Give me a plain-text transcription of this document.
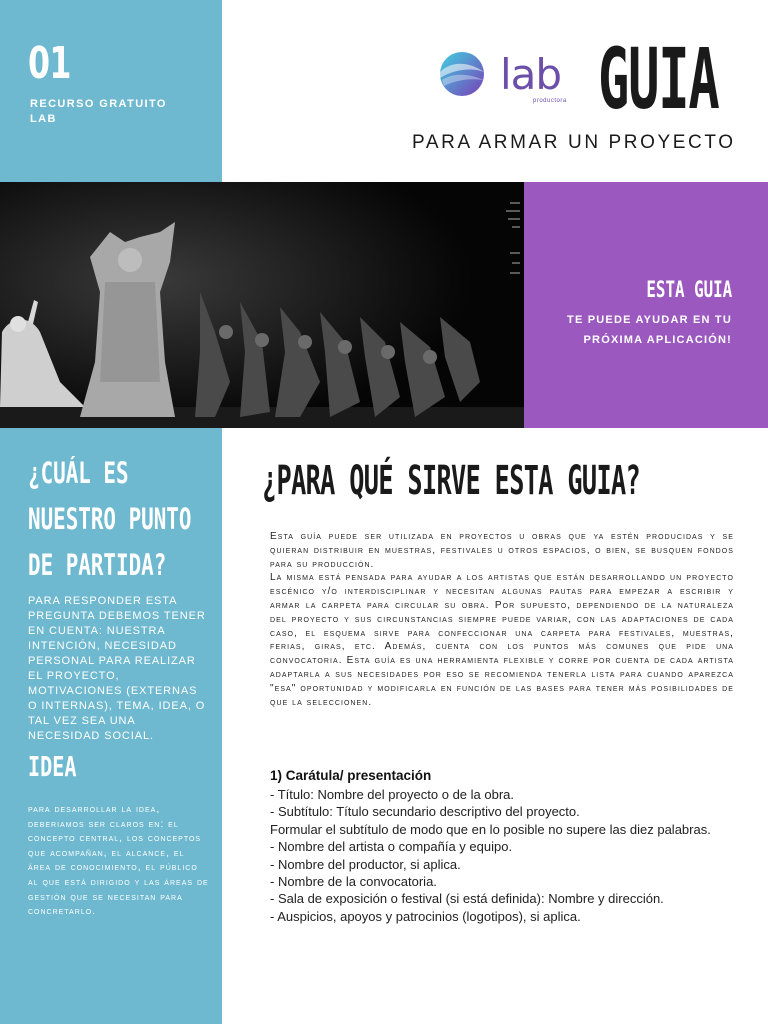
01
RECURSO GRATUITO
LAB
lab
productora GUIA
PARA ARMAR UN PROYECTO
ESTA GUIA
TE PUEDE AYUDAR EN TU PRÓXIMA APLICACIÓN!
¿CUÁL ES NUESTRO PUNTO DE PARTIDA?
PARA RESPONDER ESTA PREGUNTA DEBEMOS TENER EN CUENTA: NUESTRA INTENCIÓN, NECESIDAD PERSONAL PARA REALIZAR EL PROYECTO, MOTIVACIONES (EXTERNAS O INTERNAS), TEMA, IDEA, O TAL VEZ SEA UNA NECESIDAD SOCIAL.
IDEA
para desarrollar la idea, deberiamos ser claros en: el concepto central, los conceptos que acompañan, el alcance, el área de conocimiento, el público al que está dirigido y las áreas de gestión que se necesitan para concretarlo.
¿PARA QUÉ SIRVE ESTA GUIA?

Esta guía puede ser utilizada en proyectos u obras que ya estén producidas y se quieran distribuir en muestras, festivales u otros espacios, o bien, se busquen fondos para su producción.

La misma está pensada para ayudar a los artistas que están desarrollando un proyecto escénico y/o interdisciplinar y necesitan algunas pautas para empezar a escribir y armar la carpeta para circular su obra. Por supuesto, dependiendo de la naturaleza del proyecto y sus circunstancias siempre puede variar, con las adaptaciones de cada caso, el esquema sirve para confeccionar una carpeta para festivales, muestras, ferias, giras, etc. Además, cuenta con los puntos más comunes que pide una convocatoria. Esta guía es una herramienta flexible y corre por cuenta de cada artista adaptarla a sus necesidades por eso se recomienda tenerla lista para cuando aparezca "esa" oportunidad y modificarla en función de las bases para tener más posibilidades de que la seleccionen.

1) Carátula/ presentación
- Título: Nombre del proyecto o de la obra.
- Subtítulo: Título secundario descriptivo del proyecto.
Formular el subtítulo de modo que en lo posible no supere las diez palabras.
- Nombre del artista o compañía y equipo.
- Nombre del productor, si aplica.
- Nombre de la convocatoria.
- Sala de exposición o festival (si está definida): Nombre y dirección.
- Auspicios, apoyos y patrocinios (logotipos), si aplica.
